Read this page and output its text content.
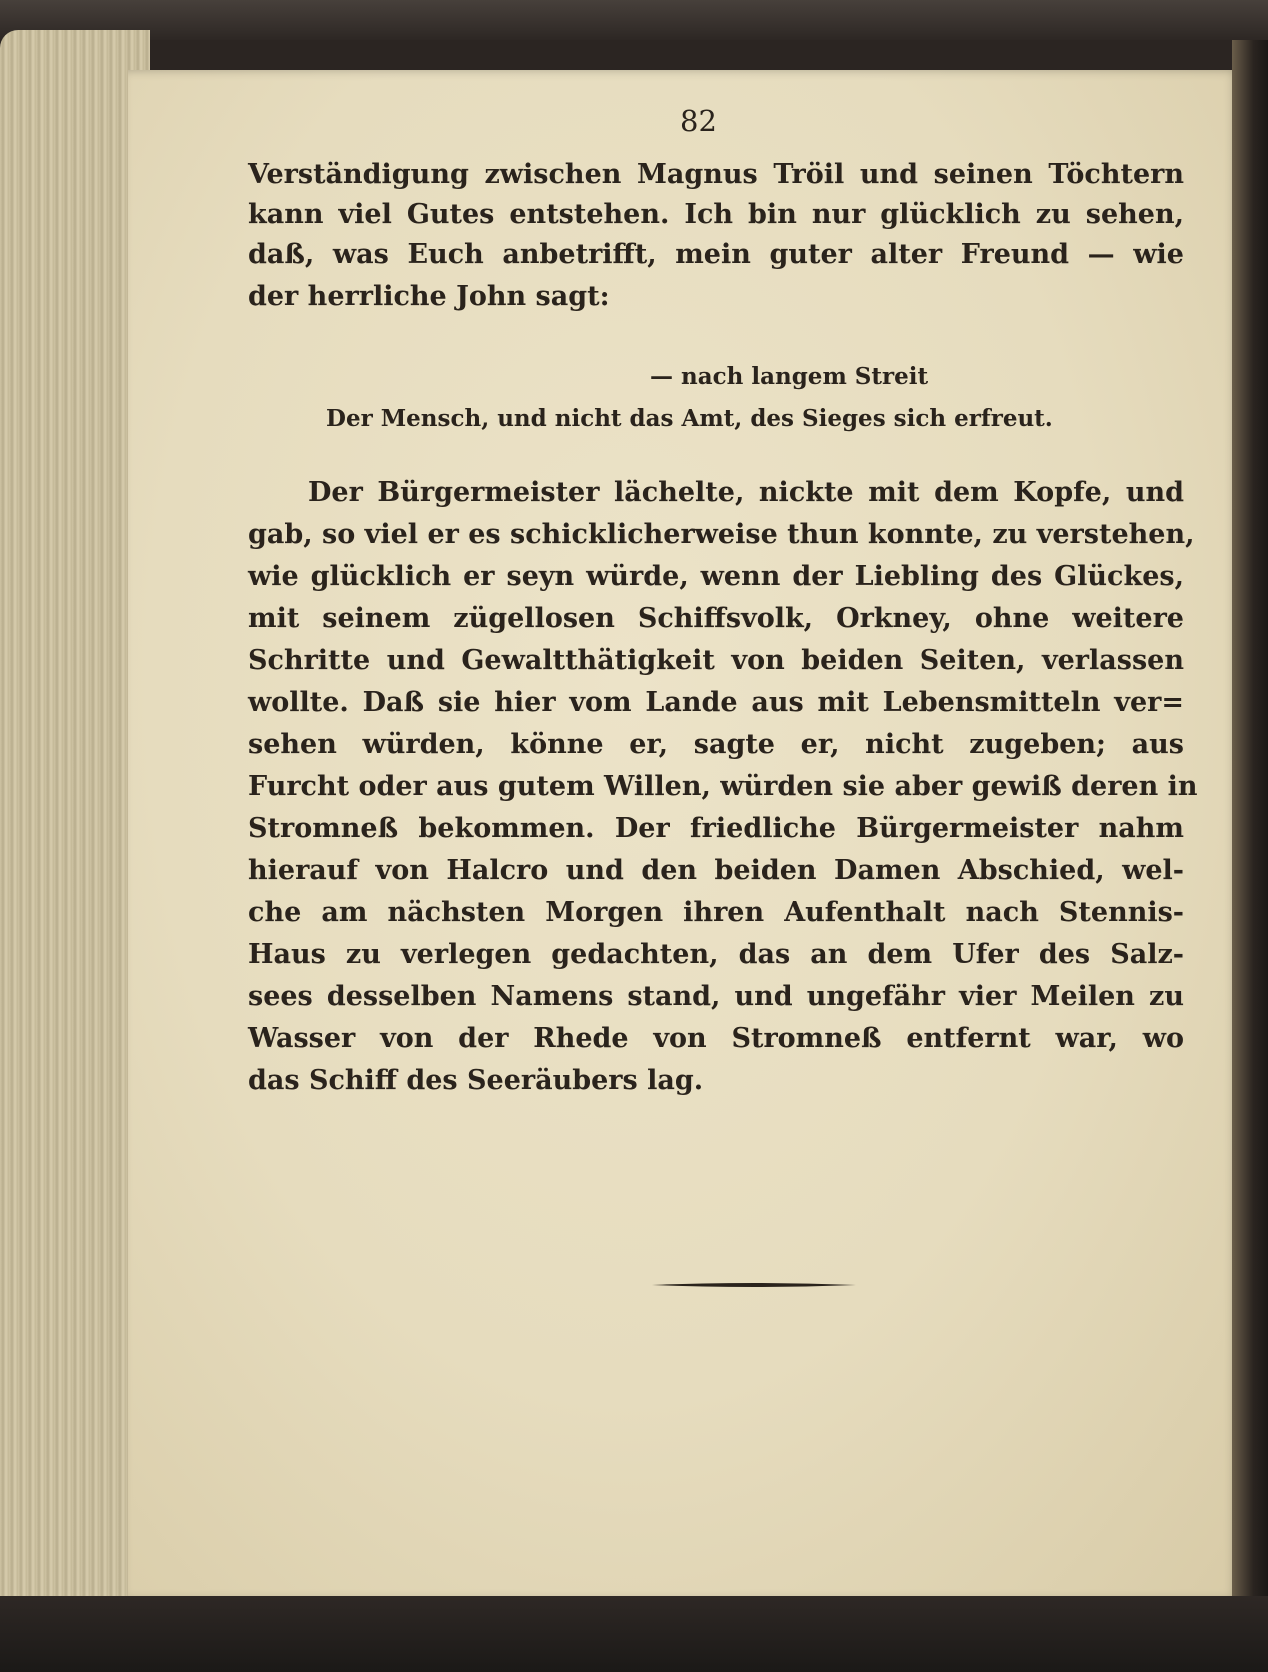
82
Verständigung zwischen Magnus Tröil und seinen Töchtern
kann viel Gutes entstehen. Ich bin nur glücklich zu sehen,
daß, was Euch anbetrifft, mein guter alter Freund — wie
der herrliche John sagt:
— nach langem Streit
Der Mensch, und nicht das Amt, des Sieges sich erfreut.
Der Bürgermeister lächelte, nickte mit dem Kopfe, und
gab, so viel er es schicklicherweise thun konnte, zu verstehen,
wie glücklich er seyn würde, wenn der Liebling des Glückes,
mit seinem zügellosen Schiffsvolk, Orkney, ohne weitere
Schritte und Gewaltthätigkeit von beiden Seiten, verlassen
wollte. Daß sie hier vom Lande aus mit Lebensmitteln ver=
sehen würden, könne er, sagte er, nicht zugeben; aus
Furcht oder aus gutem Willen, würden sie aber gewiß deren in
Stromneß bekommen. Der friedliche Bürgermeister nahm
hierauf von Halcro und den beiden Damen Abschied, wel-
che am nächsten Morgen ihren Aufenthalt nach Stennis-
Haus zu verlegen gedachten, das an dem Ufer des Salz-
sees desselben Namens stand, und ungefähr vier Meilen zu
Wasser von der Rhede von Stromneß entfernt war, wo
das Schiff des Seeräubers lag.
